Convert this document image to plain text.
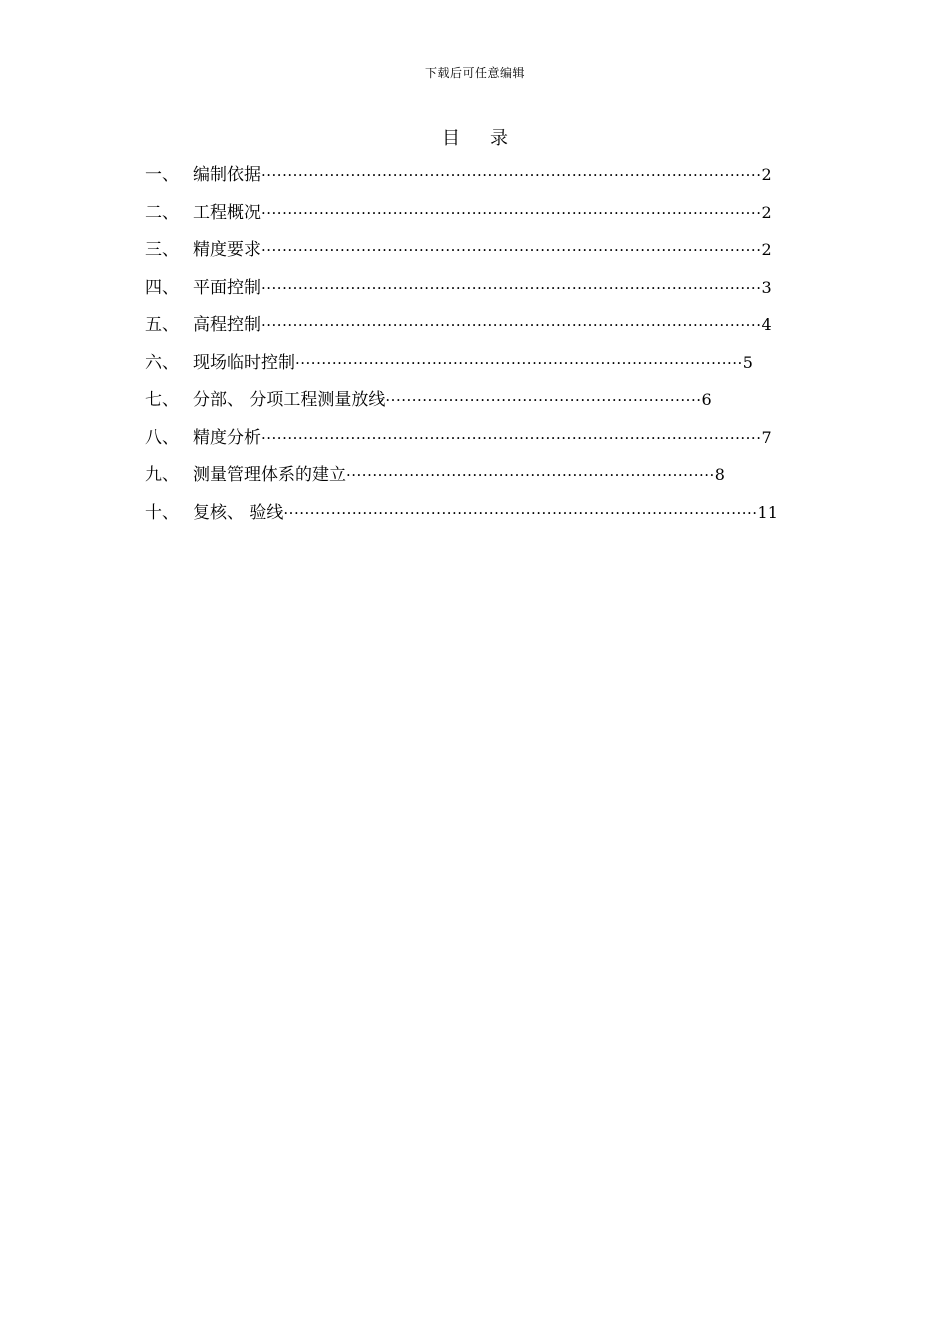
下载后可任意编辑
目 录
一、 编制依据 ······························································································· 2
二、 工程概况 ······························································································· 2
三、 精度要求 ······························································································· 2
四、 平面控制 ······························································································· 3
五、 高程控制 ······························································································· 4
六、 现场临时控制 ····················································································· 5
七、 分部、 分项工程测量放线 ···························································· 6
八、 精度分析 ······························································································· 7
九、 测量管理体系的建立 ······································································ 8
十、 复核、 验线 ·························································································· 11
